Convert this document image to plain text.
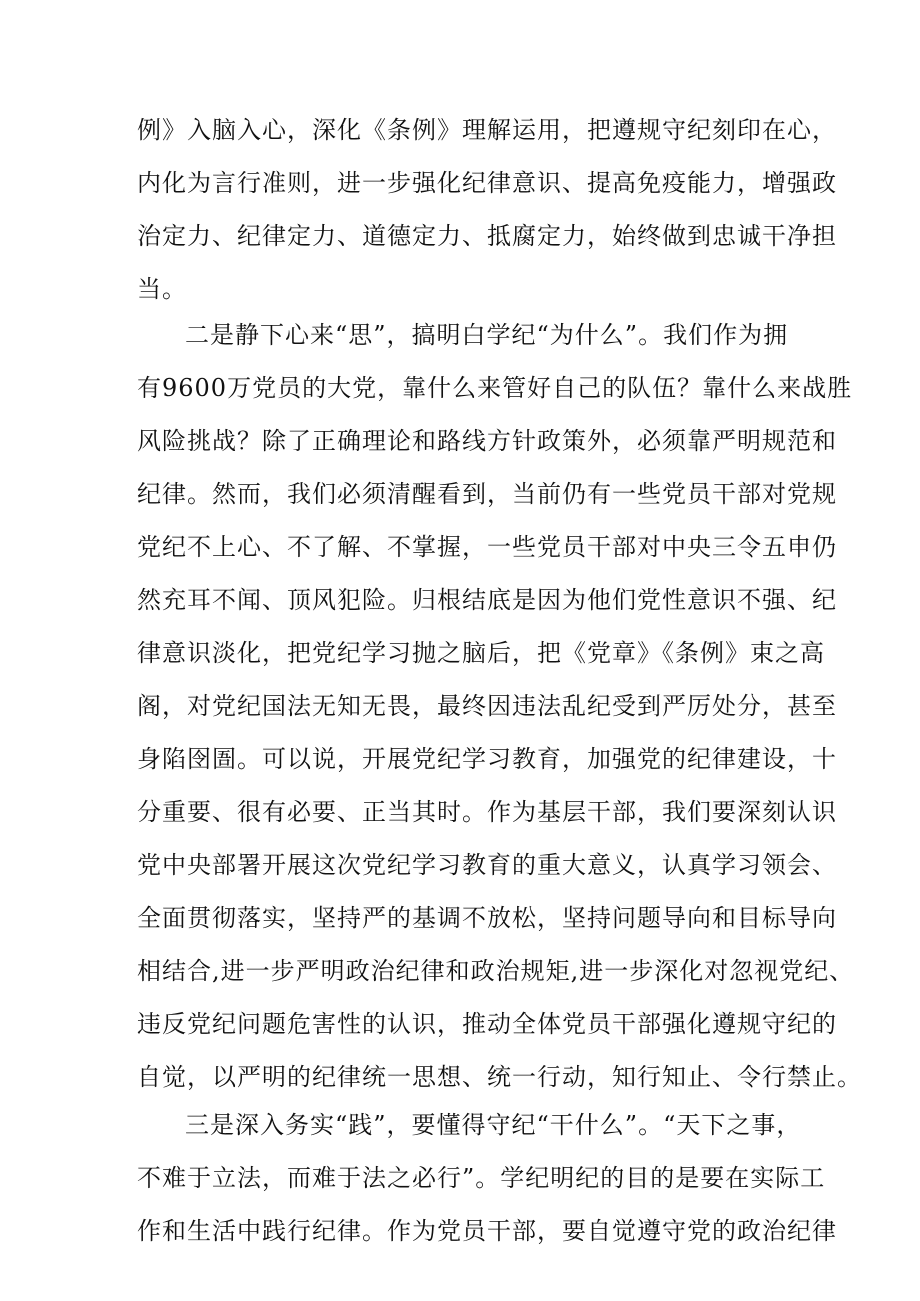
例》入脑入心，深化《条例》理解运用，把遵规守纪刻印在心，
内化为言行准则，进一步强化纪律意识、提高免疫能力，增强政
治定力、纪律定力、道德定力、抵腐定力，始终做到忠诚干净担
当。
二是静下心来“思”，搞明白学纪“为什么”。我们作为拥
有9600万党员的大党，靠什么来管好自己的队伍？靠什么来战胜
风险挑战？除了正确理论和路线方针政策外，必须靠严明规范和
纪律。然而，我们必须清醒看到，当前仍有一些党员干部对党规
党纪不上心、不了解、不掌握，一些党员干部对中央三令五申仍
然充耳不闻、顶风犯险。归根结底是因为他们党性意识不强、纪
律意识淡化，把党纪学习抛之脑后，把《党章》《条例》束之高
阁，对党纪国法无知无畏，最终因违法乱纪受到严厉处分，甚至
身陷囹圄。可以说，开展党纪学习教育，加强党的纪律建设，十
分重要、很有必要、正当其时。作为基层干部，我们要深刻认识
党中央部署开展这次党纪学习教育的重大意义，认真学习领会、
全面贯彻落实，坚持严的基调不放松，坚持问题导向和目标导向
相结合,进一步严明政治纪律和政治规矩,进一步深化对忽视党纪、
违反党纪问题危害性的认识，推动全体党员干部强化遵规守纪的
自觉，以严明的纪律统一思想、统一行动，知行知止、令行禁止。
三是深入务实“践”，要懂得守纪“干什么”。“天下之事，
不难于立法，而难于法之必行”。学纪明纪的目的是要在实际工
作和生活中践行纪律。作为党员干部，要自觉遵守党的政治纪律
